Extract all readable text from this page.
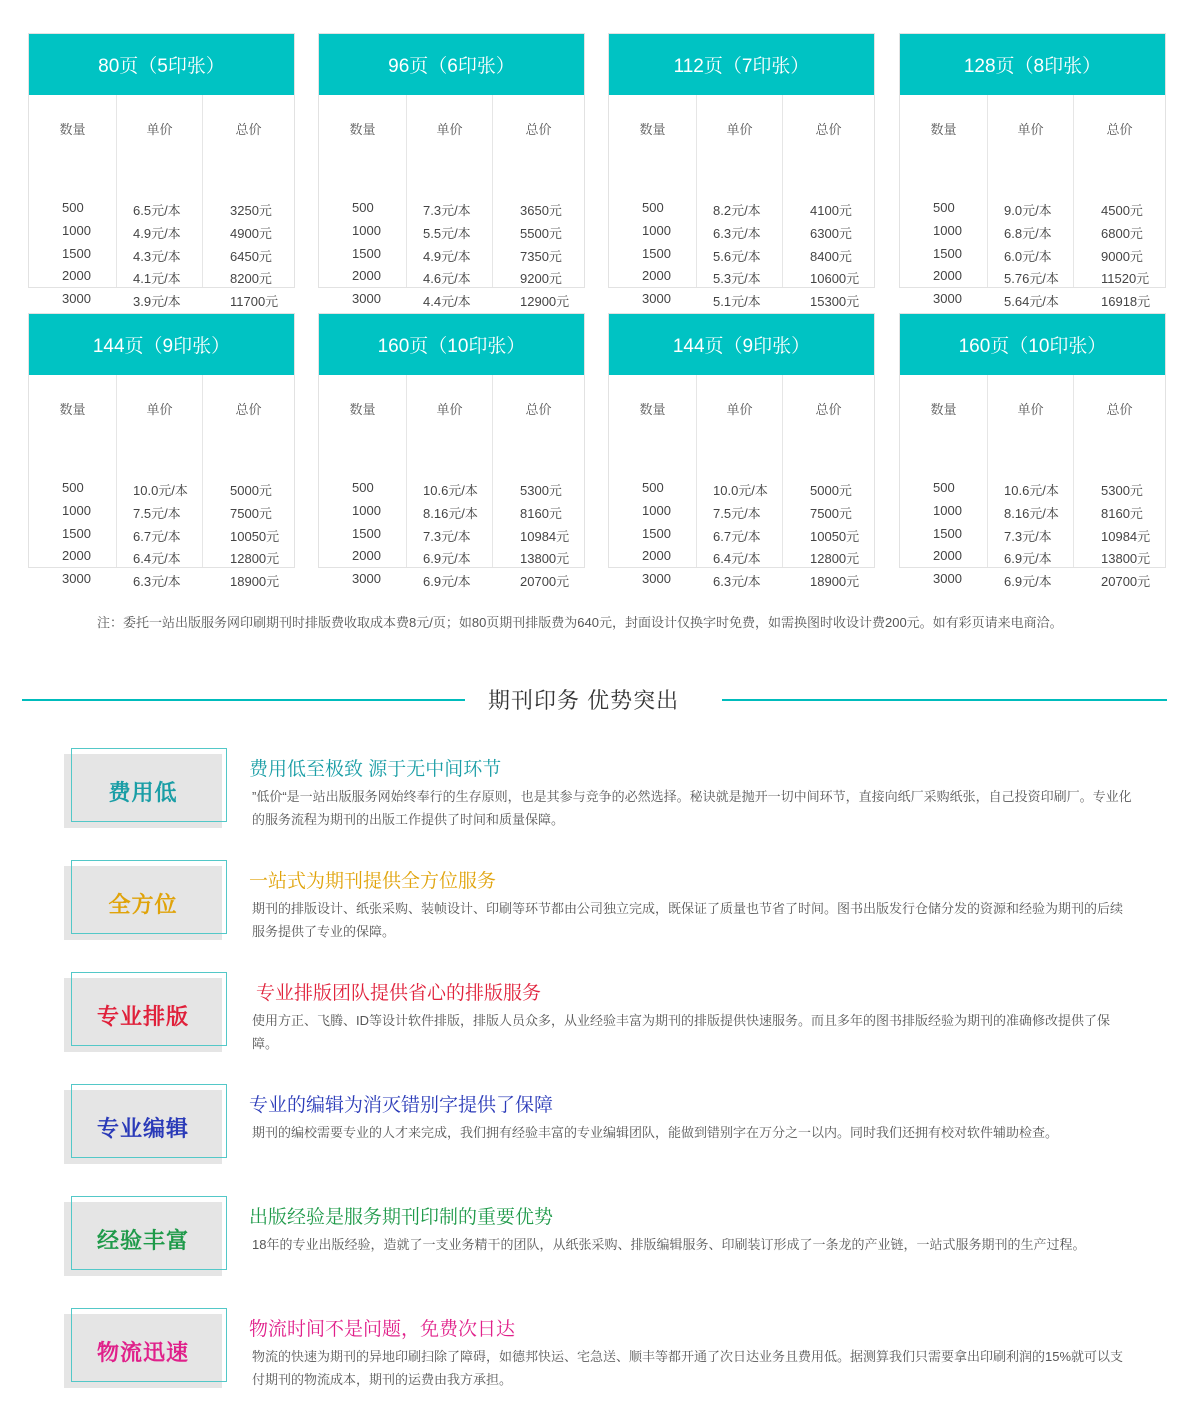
80页（5印张）
数量
500
1000
1500
2000
3000
单价
6.5元/本
4.9元/本
4.3元/本
4.1元/本
3.9元/本
总价
3250元
4900元
6450元
8200元
11700元
96页（6印张）
数量
500
1000
1500
2000
3000
单价
7.3元/本
5.5元/本
4.9元/本
4.6元/本
4.4元/本
总价
3650元
5500元
7350元
9200元
12900元
112页（7印张）
数量
500
1000
1500
2000
3000
单价
8.2元/本
6.3元/本
5.6元/本
5.3元/本
5.1元/本
总价
4100元
6300元
8400元
10600元
15300元
128页（8印张）
数量
500
1000
1500
2000
3000
单价
9.0元/本
6.8元/本
6.0元/本
5.76元/本
5.64元/本
总价
4500元
6800元
9000元
11520元
16918元
144页（9印张）
数量
500
1000
1500
2000
3000
单价
10.0元/本
7.5元/本
6.7元/本
6.4元/本
6.3元/本
总价
5000元
7500元
10050元
12800元
18900元
160页（10印张）
数量
500
1000
1500
2000
3000
单价
10.6元/本
8.16元/本
7.3元/本
6.9元/本
6.9元/本
总价
5300元
8160元
10984元
13800元
20700元
144页（9印张）
数量
500
1000
1500
2000
3000
单价
10.0元/本
7.5元/本
6.7元/本
6.4元/本
6.3元/本
总价
5000元
7500元
10050元
12800元
18900元
160页（10印张）
数量
500
1000
1500
2000
3000
单价
10.6元/本
8.16元/本
7.3元/本
6.9元/本
6.9元/本
总价
5300元
8160元
10984元
13800元
20700元
注：委托一站出版服务网印刷期刊时排版费收取成本费8元/页；如80页期刊排版费为640元，封面设计仅换字时免费，如需换图时收设计费200元。如有彩页请来电商洽。
期刊印务 优势突出
费用低
费用低至极致 源于无中间环节
”低价“是一站出版服务网始终奉行的生存原则，也是其参与竞争的必然选择。秘诀就是抛开一切中间环节，直接向纸厂采购纸张，自己投资印刷厂。专业化的服务流程为期刊的出版工作提供了时间和质量保障。
全方位
一站式为期刊提供全方位服务
期刊的排版设计、纸张采购、装帧设计、印刷等环节都由公司独立完成，既保证了质量也节省了时间。图书出版发行仓储分发的资源和经验为期刊的后续服务提供了专业的保障。
专业排版
专业排版团队提供省心的排版服务
使用方正、飞腾、ID等设计软件排版，排版人员众多，从业经验丰富为期刊的排版提供快速服务。而且多年的图书排版经验为期刊的准确修改提供了保障。
专业编辑
专业的编辑为消灭错别字提供了保障
期刊的编校需要专业的人才来完成，我们拥有经验丰富的专业编辑团队，能做到错别字在万分之一以内。同时我们还拥有校对软件辅助检查。
经验丰富
出版经验是服务期刊印制的重要优势
18年的专业出版经验，造就了一支业务精干的团队，从纸张采购、排版编辑服务、印刷装订形成了一条龙的产业链，一站式服务期刊的生产过程。
物流迅速
物流时间不是问题，免费次日达
物流的快速为期刊的异地印刷扫除了障碍，如德邦快运、宅急送、顺丰等都开通了次日达业务且费用低。据测算我们只需要拿出印刷利润的15%就可以支付期刊的物流成本，期刊的运费由我方承担。
